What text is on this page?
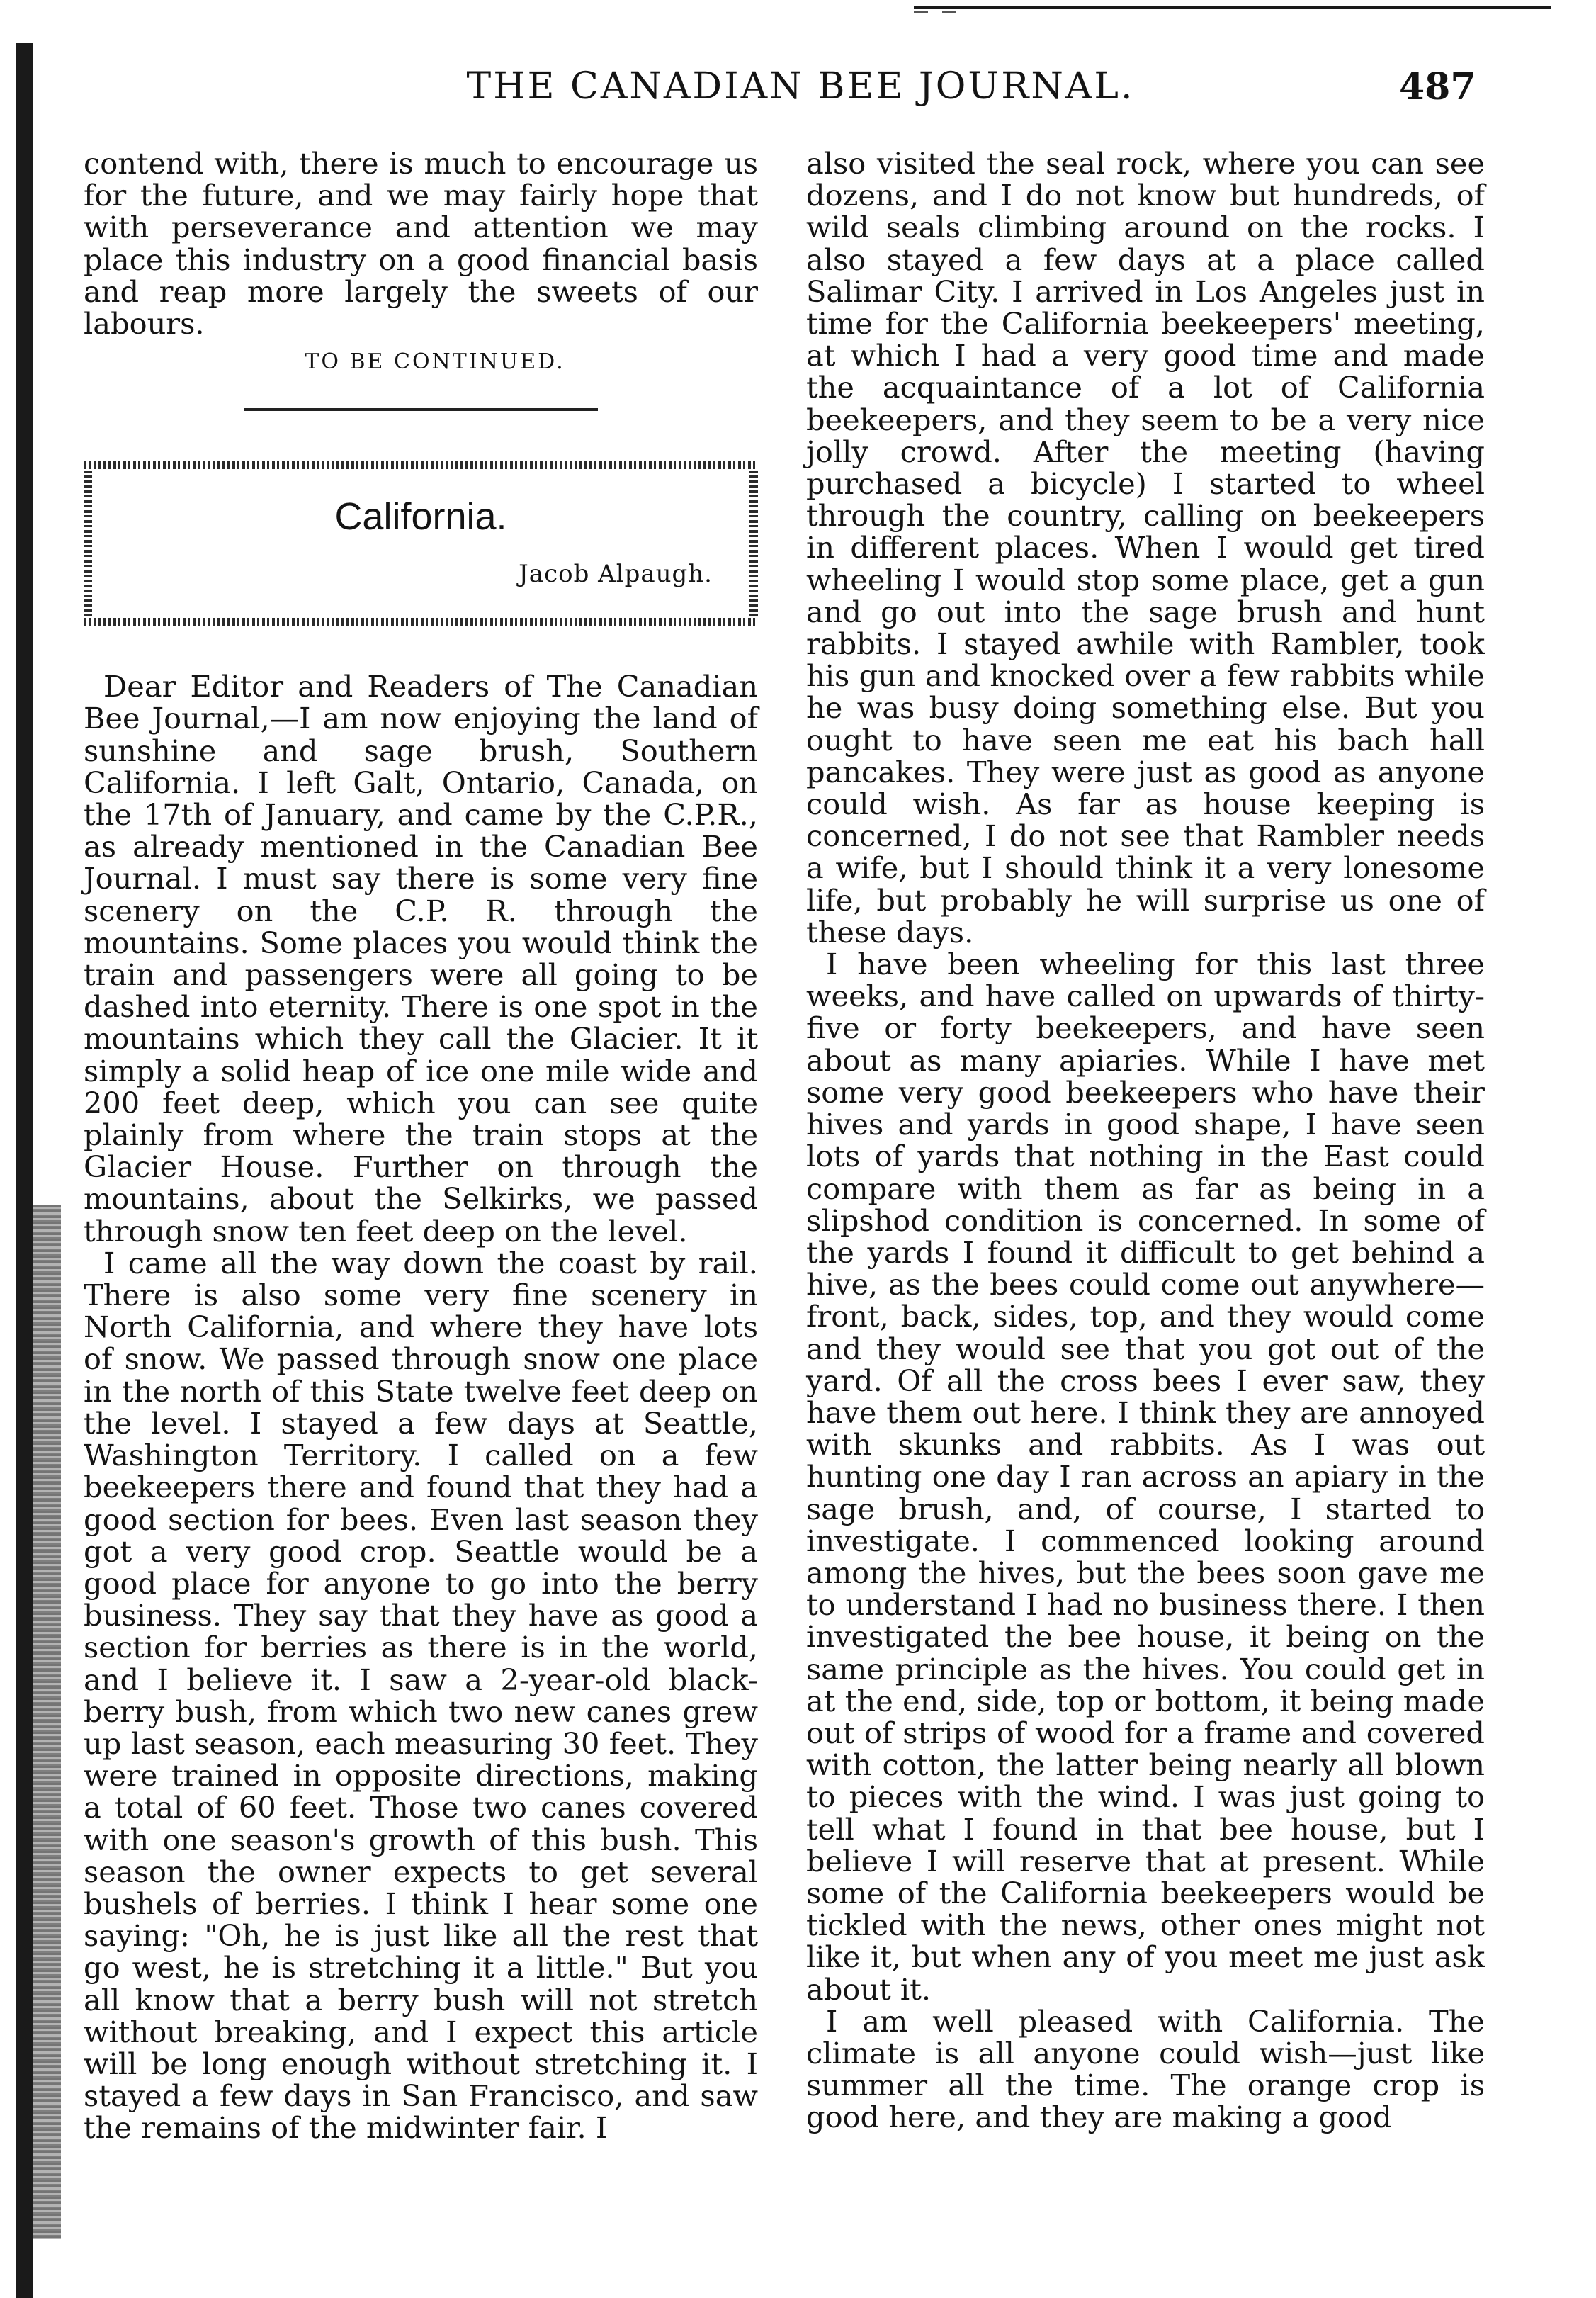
THE CANADIAN BEE JOURNAL.	487

contend with, there is much to encourage us for the future, and we may fairly hope that with perseverance and attention we may place this industry on a good financial basis and reap more largely the sweets of our labours.

TO BE CONTINUED.
California.
Jacob Alpaugh.

Dear Editor and Readers of The Canadian Bee Journal,—I am now enjoying the land of sunshine and sage brush, Southern California. I left Galt, Ontario, Canada, on the 17th of January, and came by the C.P.R., as already mentioned in the Canadian Bee Journal. I must say there is some very fine scenery on the C.P. R. through the mountains. Some places you would think the train and passengers were all going to be dashed into eternity. There is one spot in the mountains which they call the Glacier. It it simply a solid heap of ice one mile wide and 200 feet deep, which you can see quite plainly from where the train stops at the Glacier House. Further on through the mountains, about the Selkirks, we passed through snow ten feet deep on the level.

I came all the way down the coast by rail. There is also some very fine scenery in North California, and where they have lots of snow. We passed through snow one place in the north of this State twelve feet deep on the level. I stayed a few days at Seattle, Washington Territory. I called on a few beekeepers there and found that they had a good section for bees. Even last season they got a very good crop. Seattle would be a good place for anyone to go into the berry business. They say that they have as good a section for berries as there is in the world, and I believe it. I saw a 2-year-old black-berry bush, from which two new canes grew up last season, each measuring 30 feet. They were trained in opposite directions, making a total of 60 feet. Those two canes covered with one season's growth of this bush. This season the owner expects to get several bushels of berries. I think I hear some one saying: "Oh, he is just like all the rest that go west, he is stretching it a little." But you all know that a berry bush will not stretch without breaking, and I expect this article will be long enough without stretching it. I stayed a few days in San Francisco, and saw the remains of the midwinter fair. I

also visited the seal rock, where you can see dozens, and I do not know but hundreds, of wild seals climbing around on the rocks. I also stayed a few days at a place called Salimar City. I arrived in Los Angeles just in time for the California beekeepers' meeting, at which I had a very good time and made the acquaintance of a lot of California beekeepers, and they seem to be a very nice jolly crowd. After the meeting (having purchased a bicycle) I started to wheel through the country, calling on beekeepers in different places. When I would get tired wheeling I would stop some place, get a gun and go out into the sage brush and hunt rabbits. I stayed awhile with Rambler, took his gun and knocked over a few rabbits while he was busy doing something else. But you ought to have seen me eat his bach hall pancakes. They were just as good as anyone could wish. As far as house keeping is concerned, I do not see that Rambler needs a wife, but I should think it a very lonesome life, but probably he will surprise us one of these days.

I have been wheeling for this last three weeks, and have called on upwards of thirty-five or forty beekeepers, and have seen about as many apiaries. While I have met some very good beekeepers who have their hives and yards in good shape, I have seen lots of yards that nothing in the East could compare with them as far as being in a slipshod condition is concerned. In some of the yards I found it difficult to get behind a hive, as the bees could come out anywhere—front, back, sides, top, and they would come and they would see that you got out of the yard. Of all the cross bees I ever saw, they have them out here. I think they are annoyed with skunks and rabbits. As I was out hunting one day I ran across an apiary in the sage brush, and, of course, I started to investigate. I commenced looking around among the hives, but the bees soon gave me to understand I had no business there. I then investigated the bee house, it being on the same principle as the hives. You could get in at the end, side, top or bottom, it being made out of strips of wood for a frame and covered with cotton, the latter being nearly all blown to pieces with the wind. I was just going to tell what I found in that bee house, but I believe I will reserve that at present. While some of the California beekeepers would be tickled with the news, other ones might not like it, but when any of you meet me just ask about it.

I am well pleased with California. The climate is all anyone could wish—just like summer all the time. The orange crop is good here, and they are making a good
